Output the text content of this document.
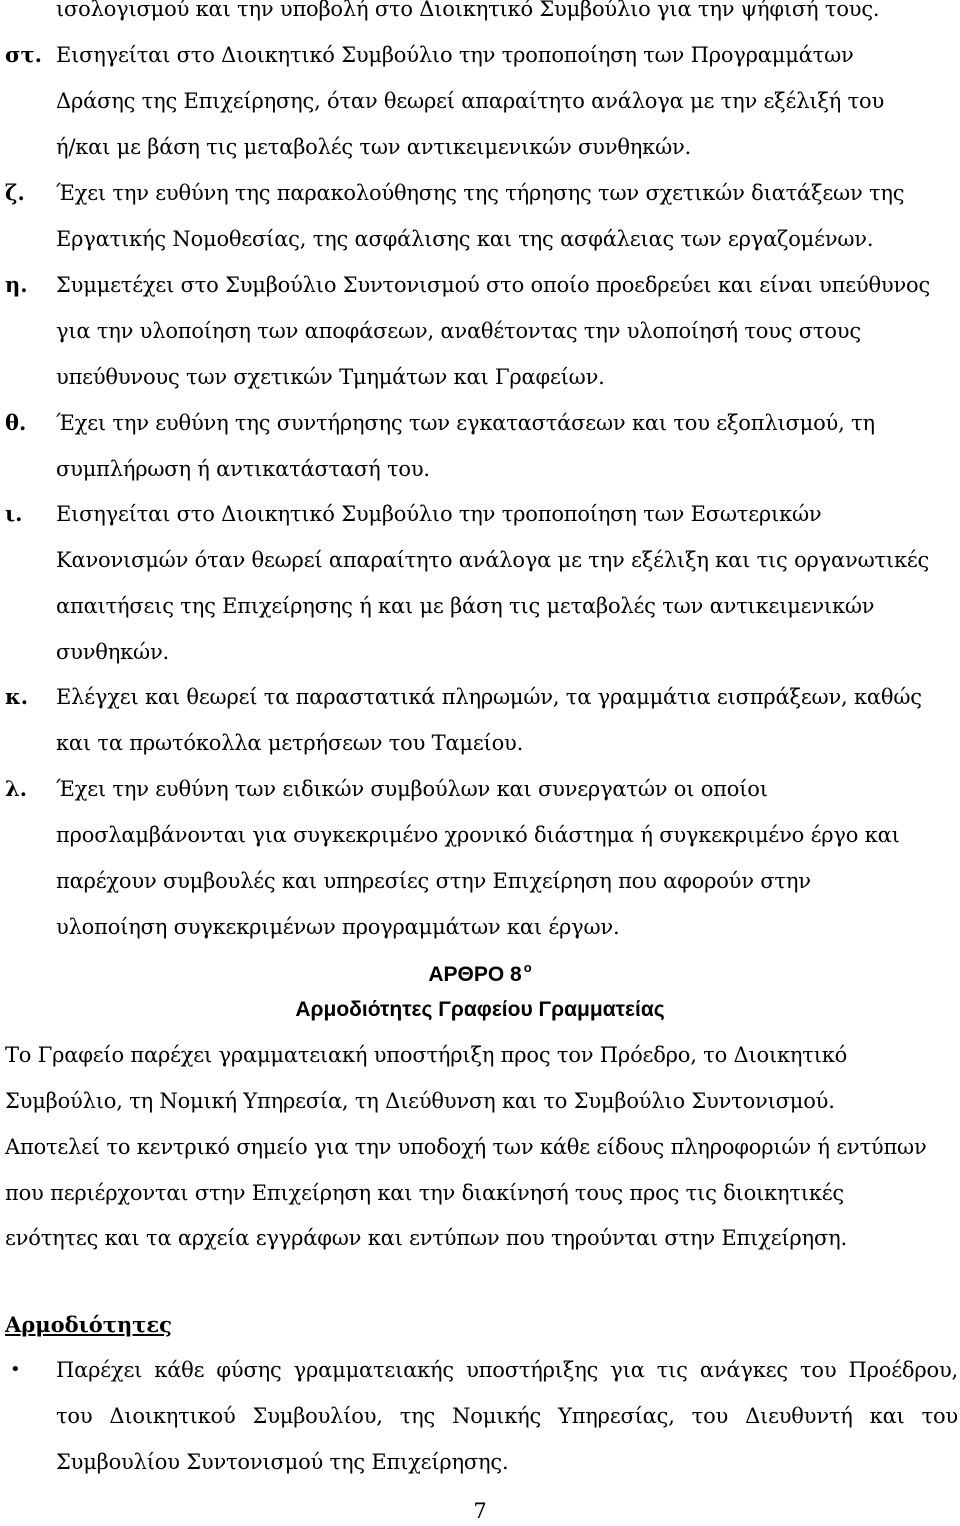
ισολογισμού και την υποβολή στο Διοικητικό Συμβούλιο για την ψήφισή τους.
στ. Εισηγείται στο Διοικητικό Συμβούλιο την τροποποίηση των Προγραμμάτων
Δράσης της Επιχείρησης, όταν θεωρεί απαραίτητο ανάλογα με την εξέλιξή του
ή/και με βάση τις μεταβολές των αντικειμενικών συνθηκών.
ζ. Έχει την ευθύνη της παρακολούθησης της τήρησης των σχετικών διατάξεων της
Εργατικής Νομοθεσίας, της ασφάλισης και της ασφάλειας των εργαζομένων.
η. Συμμετέχει στο Συμβούλιο Συντονισμού στο οποίο προεδρεύει και είναι υπεύθυνος
για την υλοποίηση των αποφάσεων, αναθέτοντας την υλοποίησή τους στους
υπεύθυνους των σχετικών Τμημάτων και Γραφείων.
θ. Έχει την ευθύνη της συντήρησης των εγκαταστάσεων και του εξοπλισμού, τη
συμπλήρωση ή αντικατάστασή του.
ι. Εισηγείται στο Διοικητικό Συμβούλιο την τροποποίηση των Εσωτερικών
Κανονισμών όταν θεωρεί απαραίτητο ανάλογα με την εξέλιξη και τις οργανωτικές
απαιτήσεις της Επιχείρησης ή και με βάση τις μεταβολές των αντικειμενικών
συνθηκών.
κ. Ελέγχει και θεωρεί τα παραστατικά πληρωμών, τα γραμμάτια εισπράξεων, καθώς
και τα πρωτόκολλα μετρήσεων του Ταμείου.
λ. Έχει την ευθύνη των ειδικών συμβούλων και συνεργατών οι οποίοι
προσλαμβάνονται για συγκεκριμένο χρονικό διάστημα ή συγκεκριμένο έργο και
παρέχουν συμβουλές και υπηρεσίες στην Επιχείρηση που αφορούν στην
υλοποίηση συγκεκριμένων προγραμμάτων και έργων.
ΑΡΘΡΟ 8 $^o$
Αρμοδιότητες Γραφείου Γραμματείας
Το Γραφείο παρέχει γραμματειακή υποστήριξη προς τον Πρόεδρο, το Διοικητικό
Συμβούλιο, τη Νομική Υπηρεσία, τη Διεύθυνση και το Συμβούλιο Συντονισμού.
Αποτελεί το κεντρικό σημείο για την υποδοχή των κάθε είδους πληροφοριών ή εντύπων
που περιέρχονται στην Επιχείρηση και την διακίνησή τους προς τις διοικητικές
ενότητες και τα αρχεία εγγράφων και εντύπων που τηρούνται στην Επιχείρηση.
Αρμοδιότητες
• Παρέχει κάθε φύσης γραμματειακής υποστήριξης για τις ανάγκες του Προέδρου,
του Διοικητικού Συμβουλίου, της Νομικής Υπηρεσίας, του Διευθυντή και του
Συμβουλίου Συντονισμού της Επιχείρησης.
7
